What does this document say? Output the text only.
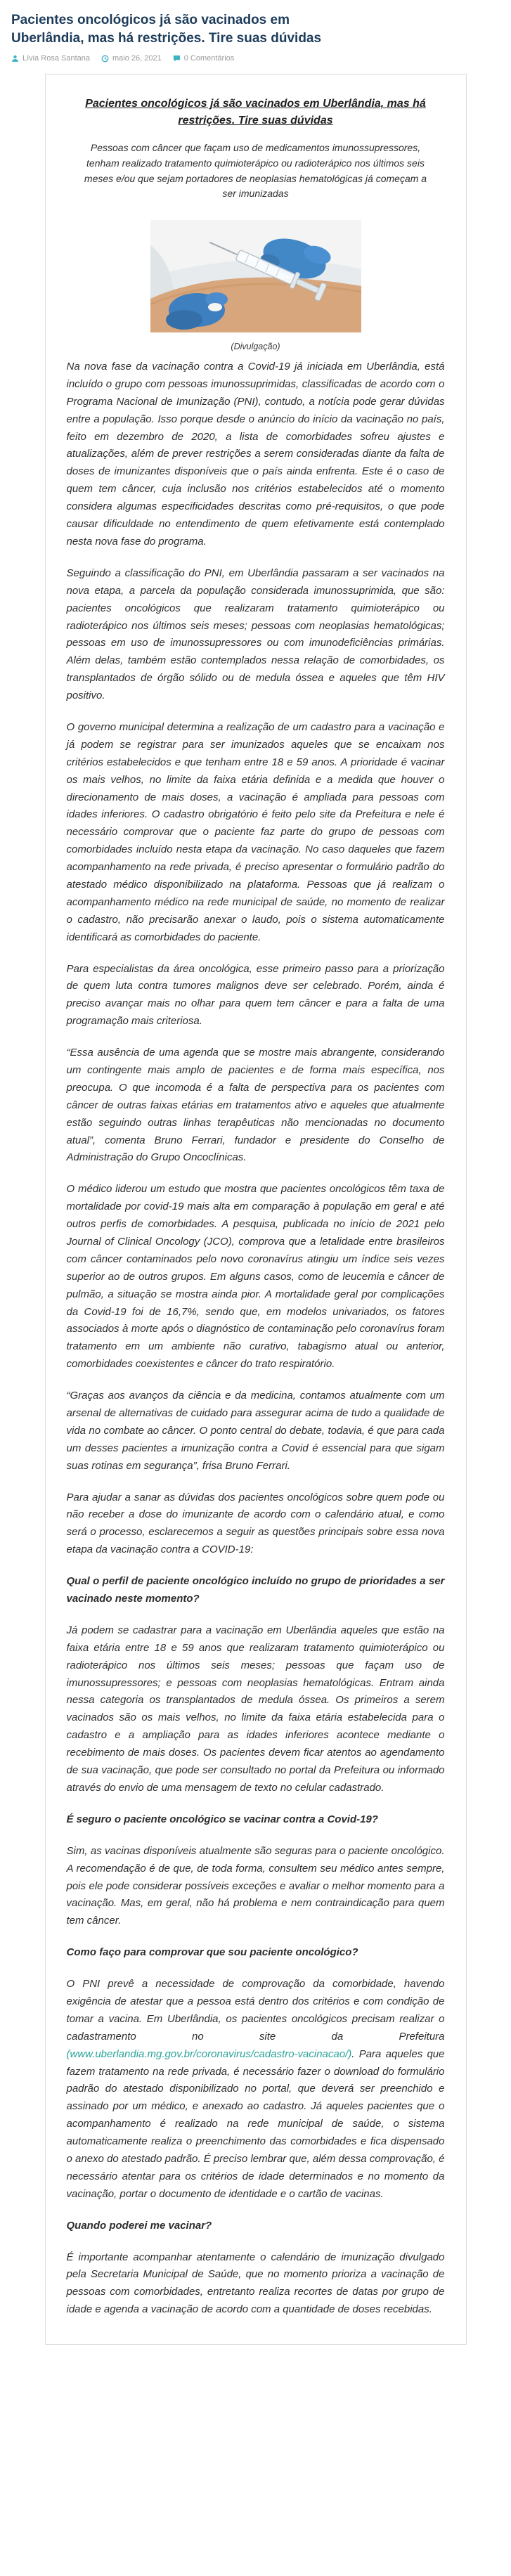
Pacientes oncológicos já são vacinados em Uberlândia, mas há restrições. Tire suas dúvidas
Lívia Rosa Santana	maio 26, 2021	0 Comentários
Pacientes oncológicos já são vacinados em Uberlândia, mas há restrições. Tire suas dúvidas

Pessoas com câncer que façam uso de medicamentos imunossupressores, tenham realizado tratamento quimioterápico ou radioterápico nos últimos seis meses e/ou que sejam portadores de neoplasias hematológicas já começam a ser imunizadas

(Divulgação)

Na nova fase da vacinação contra a Covid-19 já iniciada em Uberlândia, está incluído o grupo com pessoas imunossuprimidas, classificadas de acordo com o Programa Nacional de Imunização (PNI), contudo, a notícia pode gerar dúvidas entre a população. Isso porque desde o anúncio do início da vacinação no país, feito em dezembro de 2020, a lista de comorbidades sofreu ajustes e atualizações, além de prever restrições a serem consideradas diante da falta de doses de imunizantes disponíveis que o país ainda enfrenta. Este é o caso de quem tem câncer, cuja inclusão nos critérios estabelecidos até o momento considera algumas especificidades descritas como pré-requisitos, o que pode causar dificuldade no entendimento de quem efetivamente está contemplado nesta nova fase do programa.

Seguindo a classificação do PNI, em Uberlândia passaram a ser vacinados na nova etapa, a parcela da população considerada imunossuprimida, que são: pacientes oncológicos que realizaram tratamento quimioterápico ou radioterápico nos últimos seis meses; pessoas com neoplasias hematológicas; pessoas em uso de imunossupressores ou com imunodeficiências primárias. Além delas, também estão contemplados nessa relação de comorbidades, os transplantados de órgão sólido ou de medula óssea e aqueles que têm HIV positivo.

O governo municipal determina a realização de um cadastro para a vacinação e já podem se registrar para ser imunizados aqueles que se encaixam nos critérios estabelecidos e que tenham entre 18 e 59 anos. A prioridade é vacinar os mais velhos, no limite da faixa etária definida e a medida que houver o direcionamento de mais doses, a vacinação é ampliada para pessoas com idades inferiores. O cadastro obrigatório é feito pelo site da Prefeitura e nele é necessário comprovar que o paciente faz parte do grupo de pessoas com comorbidades incluído nesta etapa da vacinação. No caso daqueles que fazem acompanhamento na rede privada, é preciso apresentar o formulário padrão do atestado médico disponibilizado na plataforma. Pessoas que já realizam o acompanhamento médico na rede municipal de saúde, no momento de realizar o cadastro, não precisarão anexar o laudo, pois o sistema automaticamente identificará as comorbidades do paciente.

Para especialistas da área oncológica, esse primeiro passo para a priorização de quem luta contra tumores malignos deve ser celebrado. Porém, ainda é preciso avançar mais no olhar para quem tem câncer e para a falta de uma programação mais criteriosa.

“Essa ausência de uma agenda que se mostre mais abrangente, considerando um contingente mais amplo de pacientes e de forma mais específica, nos preocupa. O que incomoda é a falta de perspectiva para os pacientes com câncer de outras faixas etárias em tratamentos ativo e aqueles que atualmente estão seguindo outras linhas terapêuticas não mencionadas no documento atual”, comenta Bruno Ferrari, fundador e presidente do Conselho de Administração do Grupo Oncoclínicas.

O médico liderou um estudo que mostra que pacientes oncológicos têm taxa de mortalidade por covid-19 mais alta em comparação à população em geral e até outros perfis de comorbidades. A pesquisa, publicada no início de 2021 pelo Journal of Clinical Oncology (JCO), comprova que a letalidade entre brasileiros com câncer contaminados pelo novo coronavírus atingiu um índice seis vezes superior ao de outros grupos. Em alguns casos, como de leucemia e câncer de pulmão, a situação se mostra ainda pior. A mortalidade geral por complicações da Covid-19 foi de 16,7%, sendo que, em modelos univariados, os fatores associados à morte após o diagnóstico de contaminação pelo coronavírus foram tratamento em um ambiente não curativo, tabagismo atual ou anterior, comorbidades coexistentes e câncer do trato respiratório.

“Graças aos avanços da ciência e da medicina, contamos atualmente com um arsenal de alternativas de cuidado para assegurar acima de tudo a qualidade de vida no combate ao câncer. O ponto central do debate, todavia, é que para cada um desses pacientes a imunização contra a Covid é essencial para que sigam suas rotinas em segurança”, frisa Bruno Ferrari.

Para ajudar a sanar as dúvidas dos pacientes oncológicos sobre quem pode ou não receber a dose do imunizante de acordo com o calendário atual, e como será o processo, esclarecemos a seguir as questões principais sobre essa nova etapa da vacinação contra a COVID-19:

Qual o perfil de paciente oncológico incluído no grupo de prioridades a ser vacinado neste momento?

Já podem se cadastrar para a vacinação em Uberlândia aqueles que estão na faixa etária entre 18 e 59 anos que realizaram tratamento quimioterápico ou radioterápico nos últimos seis meses; pessoas que façam uso de imunossupressores; e pessoas com neoplasias hematológicas. Entram ainda nessa categoria os transplantados de medula óssea. Os primeiros a serem vacinados são os mais velhos, no limite da faixa etária estabelecida para o cadastro e a ampliação para as idades inferiores acontece mediante o recebimento de mais doses. Os pacientes devem ficar atentos ao agendamento de sua vacinação, que pode ser consultado no portal da Prefeitura ou informado através do envio de uma mensagem de texto no celular cadastrado.

É seguro o paciente oncológico se vacinar contra a Covid-19?

Sim, as vacinas disponíveis atualmente são seguras para o paciente oncológico. A recomendação é de que, de toda forma, consultem seu médico antes sempre, pois ele pode considerar possíveis exceções e avaliar o melhor momento para a vacinação. Mas, em geral, não há problema e nem contraindicação para quem tem câncer.

Como faço para comprovar que sou paciente oncológico?

O PNI prevê a necessidade de comprovação da comorbidade, havendo exigência de atestar que a pessoa está dentro dos critérios e com condição de tomar a vacina. Em Uberlândia, os pacientes oncológicos precisam realizar o cadastramento no site da Prefeitura (www.uberlandia.mg.gov.br/coronavirus/cadastro-vacinacao/). Para aqueles que fazem tratamento na rede privada, é necessário fazer o download do formulário padrão do atestado disponibilizado no portal, que deverá ser preenchido e assinado por um médico, e anexado ao cadastro. Já aqueles pacientes que o acompanhamento é realizado na rede municipal de saúde, o sistema automaticamente realiza o preenchimento das comorbidades e fica dispensado o anexo do atestado padrão. É preciso lembrar que, além dessa comprovação, é necessário atentar para os critérios de idade determinados e no momento da vacinação, portar o documento de identidade e o cartão de vacinas.

Quando poderei me vacinar?

É importante acompanhar atentamente o calendário de imunização divulgado pela Secretaria Municipal de Saúde, que no momento prioriza a vacinação de pessoas com comorbidades, entretanto realiza recortes de datas por grupo de idade e agenda a vacinação de acordo com a quantidade de doses recebidas.
